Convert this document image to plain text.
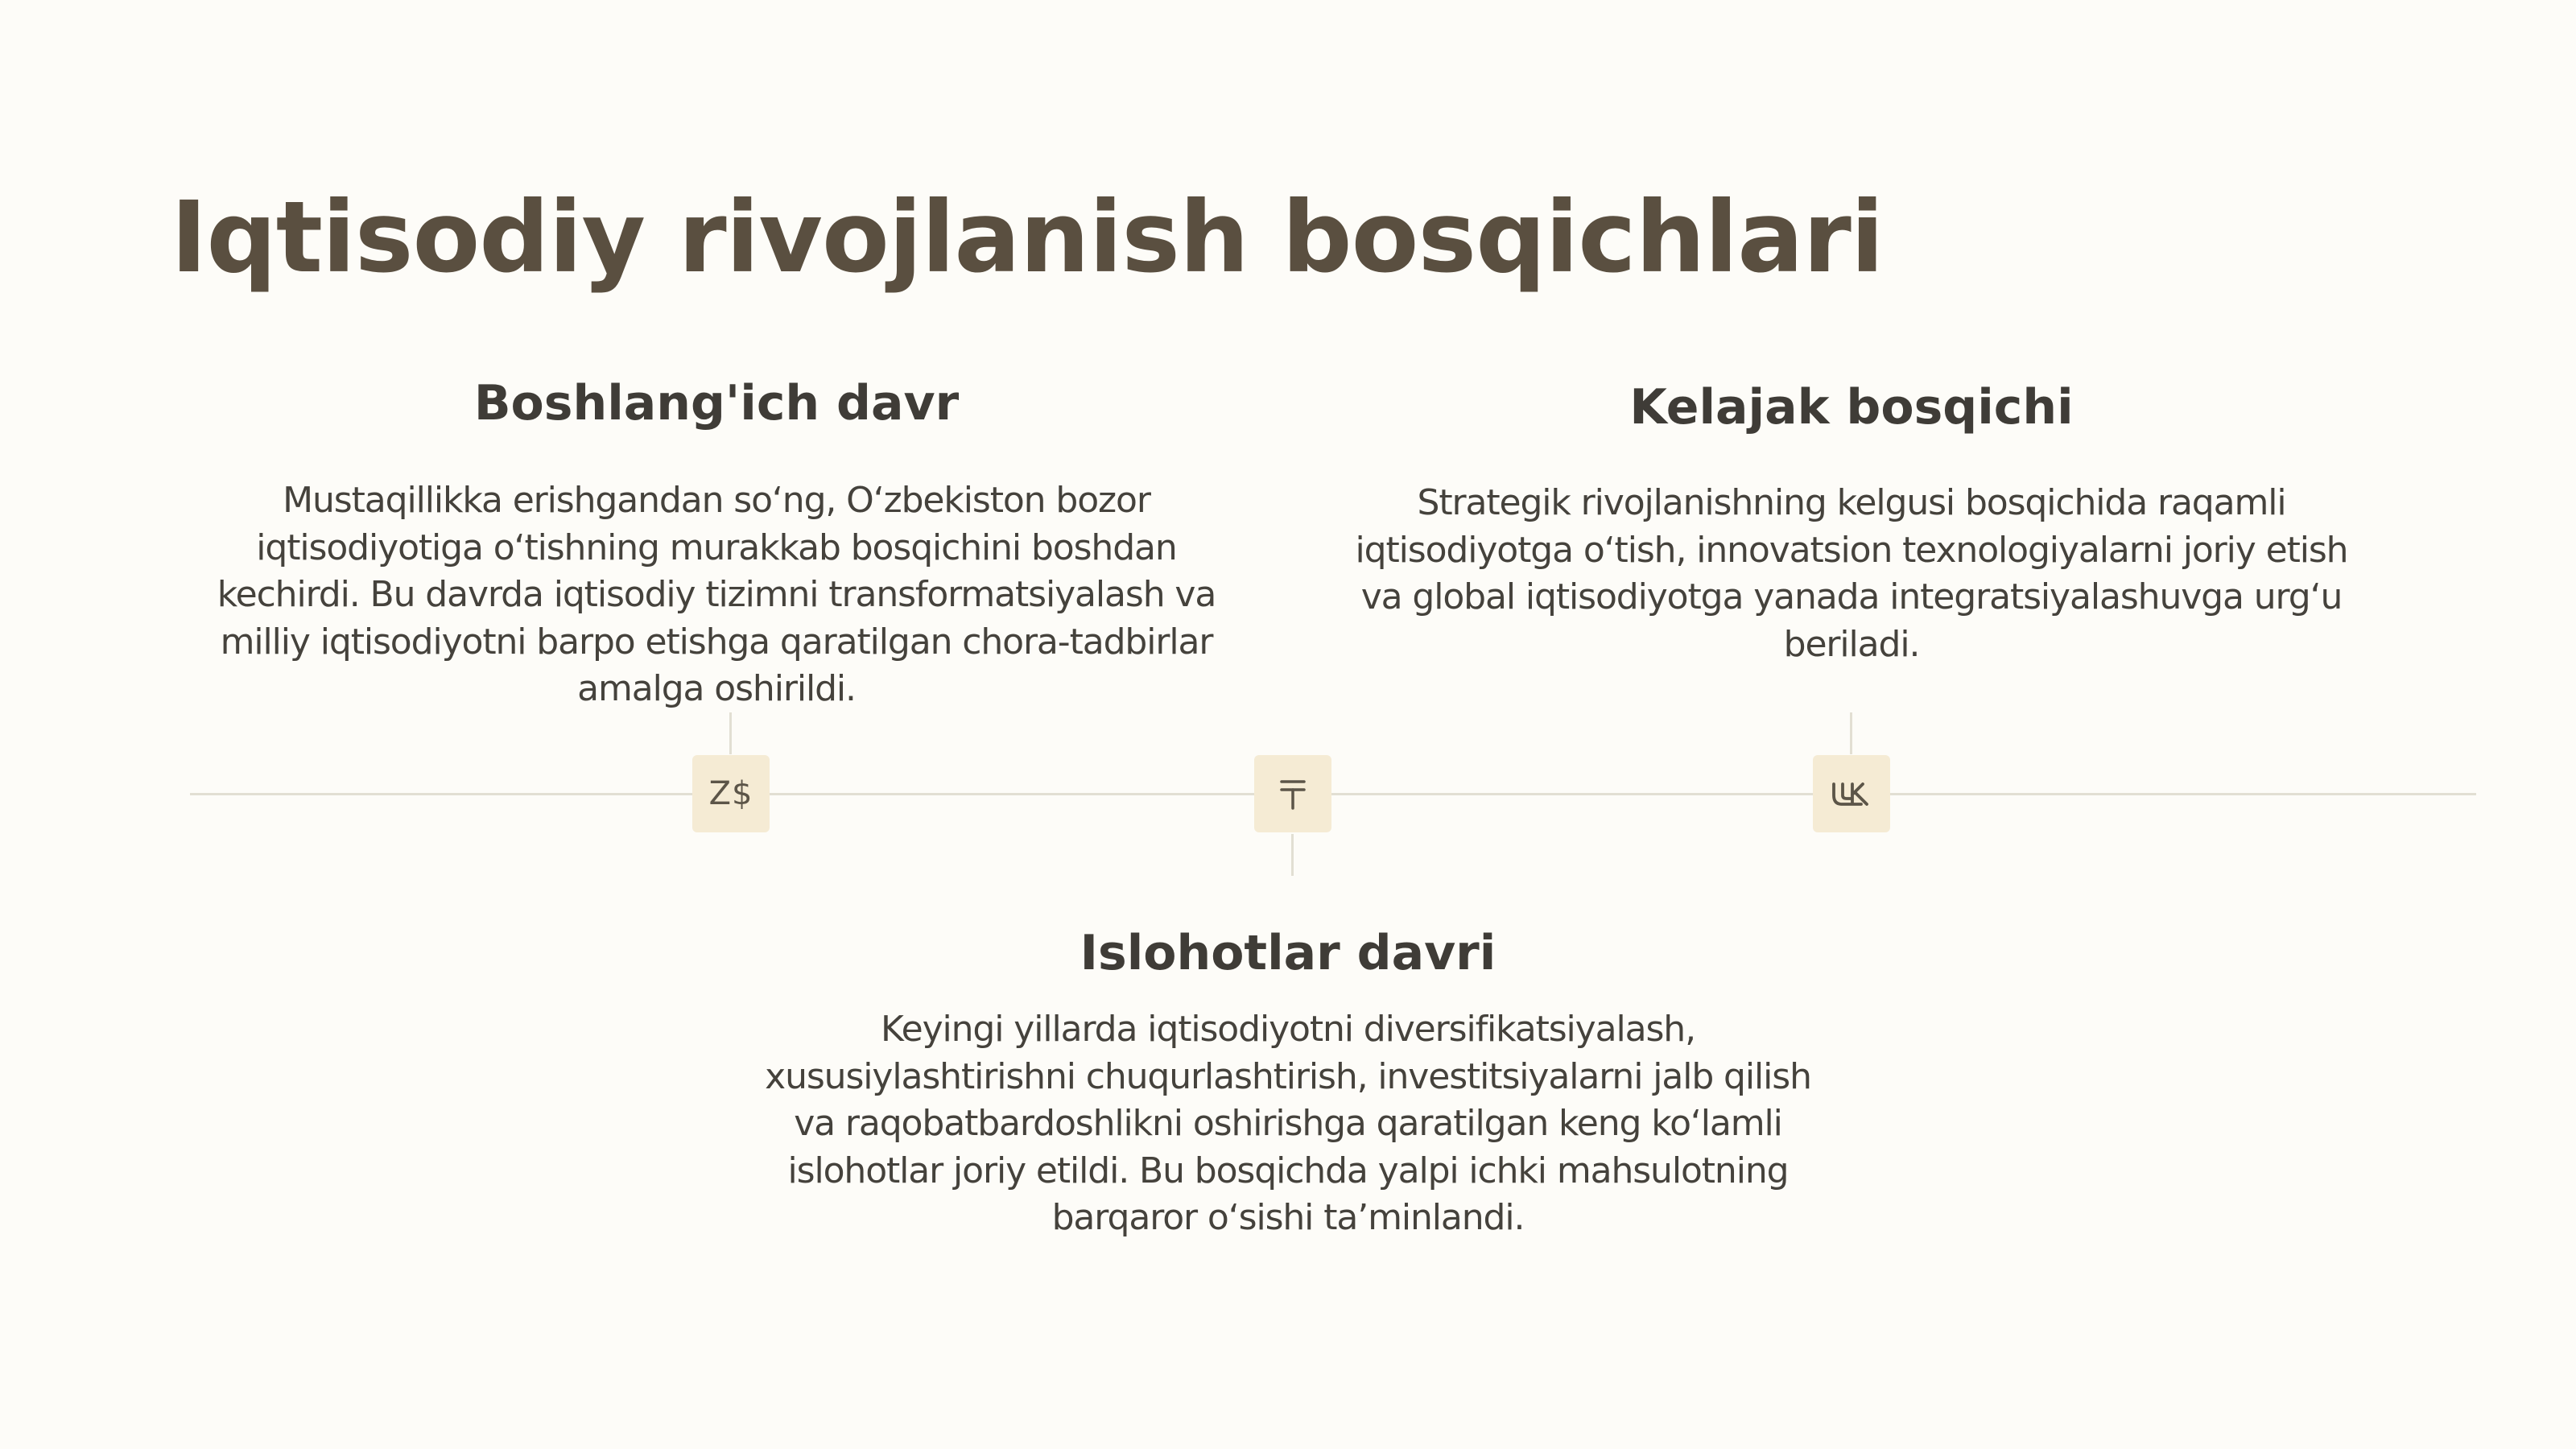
Iqtisodiy rivojlanish bosqichlari
Z$
Boshlang'ich davr

Mustaqillikka erishgandan soʻng, Oʻzbekiston bozor iqtisodiyotiga oʻtishning murakkab bosqichini boshdan kechirdi. Bu davrda iqtisodiy tizimni transformatsiyalash va milliy iqtisodiyotni barpo etishga qaratilgan chora-tadbirlar amalga oshirildi.

Islohotlar davri

Keyingi yillarda iqtisodiyotni diversifikatsiyalash, xususiylashtirishni chuqurlashtirish, investitsiyalarni jalb qilish va raqobatbardoshlikni oshirishga qaratilgan keng koʻlamli islohotlar joriy etildi. Bu bosqichda yalpi ichki mahsulotning barqaror oʻsishi ta’minlandi.

Kelajak bosqichi

Strategik rivojlanishning kelgusi bosqichida raqamli iqtisodiyotga oʻtish, innovatsion texnologiyalarni joriy etish va global iqtisodiyotga yanada integratsiyalashuvga urgʻu beriladi.
